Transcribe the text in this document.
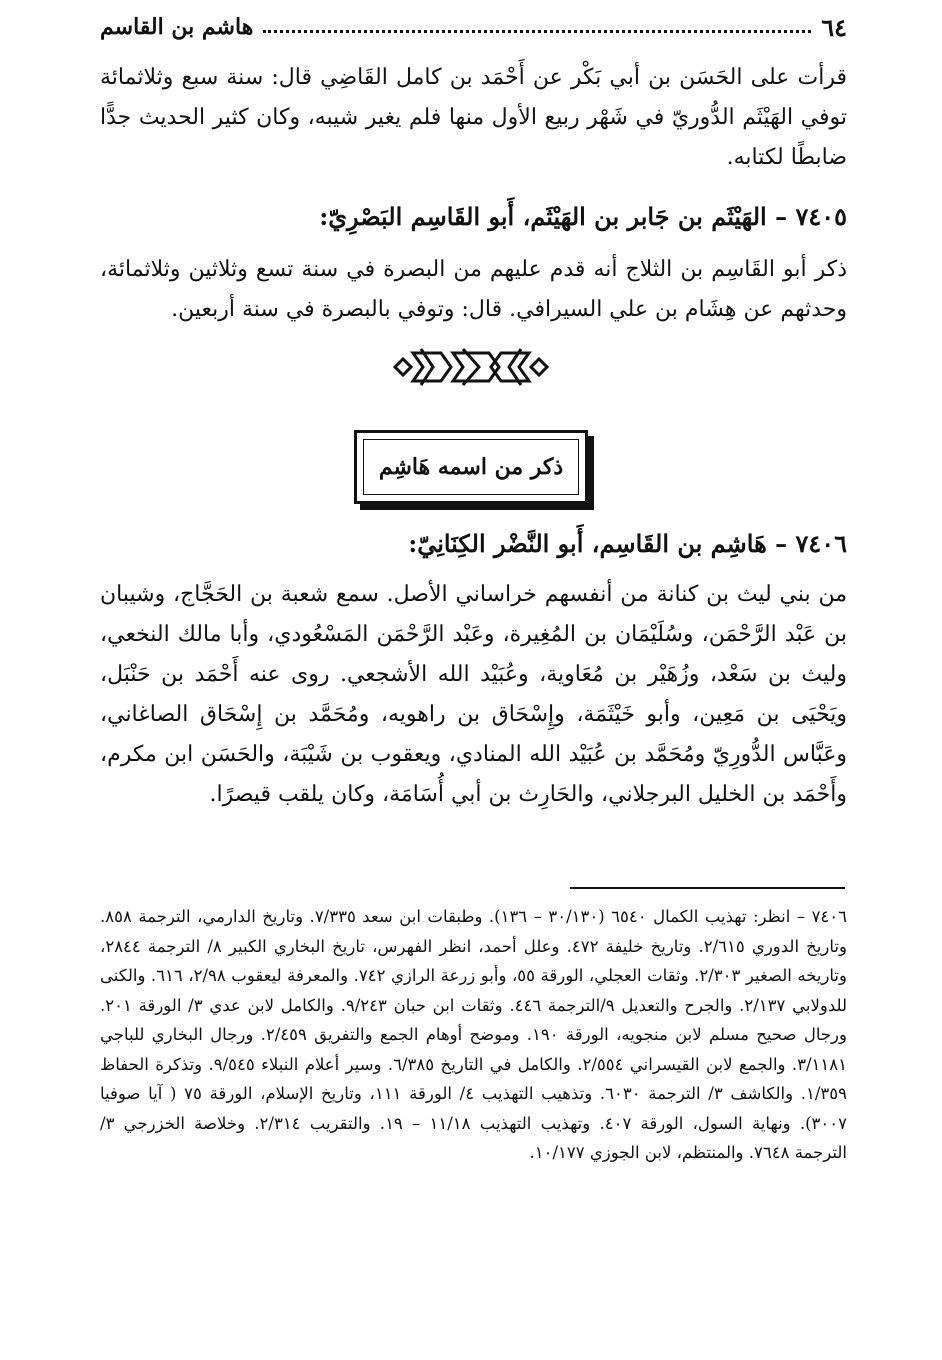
٦٤
هاشم بن القاسم
قرأت على الحَسَن بن أبي بَكْر عن أَحْمَد بن كامل القَاضِي قال: سنة سبع وثلاثمائة توفي الهَيْثَم الدُّوريّ في شَهْر ربيع الأول منها فلم يغير شيبه، وكان كثير الحديث جدًّا ضابطًا لكتابه.
٧٤٠٥ – الهَيْثَم بن جَابر بن الهَيْثَم، أَبو القَاسِم البَصْرِيّ:
ذكر أبو القَاسِم بن الثلاج أنه قدم عليهم من البصرة في سنة تسع وثلاثين وثلاثمائة، وحدثهم عن هِشَام بن علي السيرافي. قال: وتوفي بالبصرة في سنة أربعين.
ذكر من اسمه هَاشِم
٧٤٠٦ – هَاشِم بن القَاسِم، أَبو النَّضْر الكِنَانِيّ:
من بني ليث بن كنانة من أنفسهم خراساني الأصل. سمع شعبة بن الحَجَّاج، وشيبان بن عَبْد الرَّحْمَن، وسُلَيْمَان بن المُغِيرة، وعَبْد الرَّحْمَن المَسْعُودي، وأبا مالك النخعي، وليث بن سَعْد، وزُهَيْر بن مُعَاوية، وعُبَيْد الله الأشجعي. روى عنه أَحْمَد بن حَنْبَل، ويَحْيَى بن مَعِين، وأبو خَيْثَمَة، وإِسْحَاق بن راهويه، ومُحَمَّد بن إِسْحَاق الصاغاني، وعَبَّاس الدُّورِيّ ومُحَمَّد بن عُبَيْد الله المنادي، ويعقوب بن شَيْبَة، والحَسَن ابن مكرم، وأَحْمَد بن الخليل البرجلاني، والحَارِث بن أبي أُسَامَة، وكان يلقب قيصرًا.
٧٤٠٦ – انظر: تهذيب الكمال ٦٥٤٠ (٣٠/١٣٠ – ١٣٦). وطبقات ابن سعد ٧/٣٣٥. وتاريخ الدارمي، الترجمة ٨٥٨. وتاريخ الدوري ٢/٦١٥. وتاريخ خليفة ٤٧٢. وعلل أحمد، انظر الفهرس، تاريخ البخاري الكبير ٨/ الترجمة ٢٨٤٤، وتاريخه الصغير ٢/٣٠٣. وثقات العجلي، الورقة ٥٥، وأبو زرعة الرازي ٧٤٢. والمعرفة ليعقوب ٢/٩٨، ٦١٦. والكنى للدولابي ٢/١٣٧. والجرح والتعديل ٩/الترجمة ٤٤٦. وثقات ابن حبان ٩/٢٤٣. والكامل لابن عدي ٣/ الورقة ٢٠١. ورجال صحيح مسلم لابن منجويه، الورقة ١٩٠. وموضح أوهام الجمع والتفريق ٢/٤٥٩. ورجال البخاري للباجي ٣/١١٨١. والجمع لابن القيسراني ٢/٥٥٤. والكامل في التاريخ ٦/٣٨٥. وسير أعلام النبلاء ٩/٥٤٥. وتذكرة الحفاظ ١/٣٥٩. والكاشف ٣/ الترجمة ٦٠٣٠. وتذهيب التهذيب ٤/ الورقة ١١١، وتاريخ الإسلام، الورقة ٧٥ ( آيا صوفيا ٣٠٠٧). ونهاية السول، الورقة ٤٠٧. وتهذيب التهذيب ١١/١٨ – ١٩. والتقريب ٢/٣١٤. وخلاصة الخزرجي ٣/ الترجمة ٧٦٤٨. والمنتظم، لابن الجوزي ١٠/١٧٧.
